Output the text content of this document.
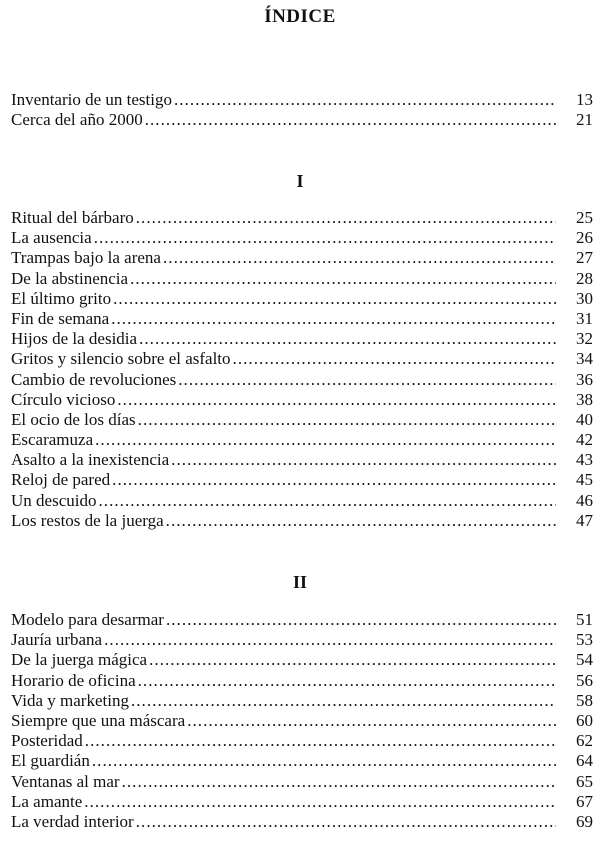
ÍNDICE
Inventario de un testigo . . .	13
Cerca del año 2000 . . .	21
I
Ritual del bárbaro . . .	25
La ausencia . . .	26
Trampas bajo la arena . . .	27
De la abstinencia . . .	28
El último grito . . .	30
Fin de semana . . .	31
Hijos de la desidia . . .	32
Gritos y silencio sobre el asfalto . . .	34
Cambio de revoluciones . . .	36
Círculo vicioso . . .	38
El ocio de los días . . .	40
Escaramuza . . .	42
Asalto a la inexistencia . . .	43
Reloj de pared . . .	45
Un descuido . . .	46
Los restos de la juerga . . .	47
II
Modelo para desarmar . . .	51
Jauría urbana . . .	53
De la juerga mágica . . .	54
Horario de oficina . . .	56
Vida y marketing . . .	58
Siempre que una máscara . . .	60
Posteridad . . .	62
El guardián . . .	64
Ventanas al mar . . .	65
La amante . . .	67
La verdad interior . . .	69
